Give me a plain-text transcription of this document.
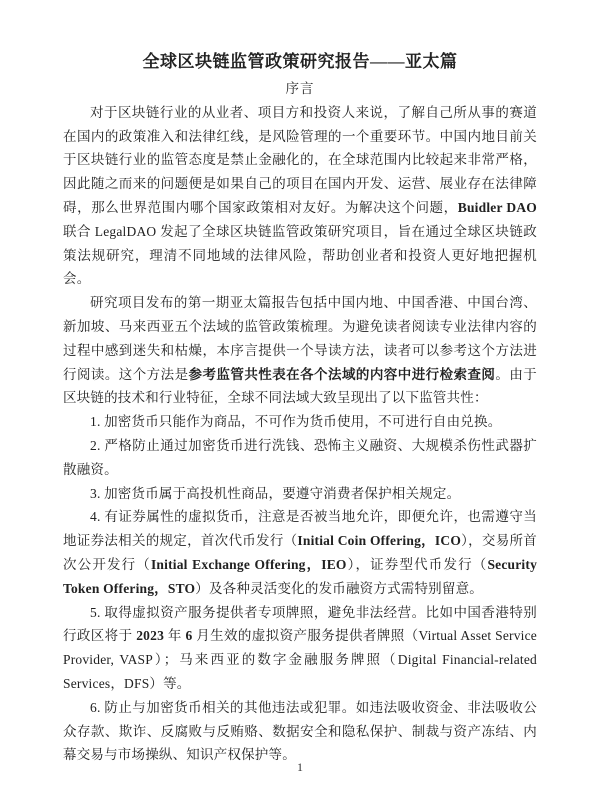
全球区块链监管政策研究报告——亚太篇
序言

对于区块链行业的从业者、项目方和投资人来说，了解自己所从事的赛道在国内的政策准入和法律红线，是风险管理的一个重要环节。中国内地目前关于区块链行业的监管态度是禁止金融化的，在全球范围内比较起来非常严格，因此随之而来的问题便是如果自己的项目在国内开发、运营、展业存在法律障碍，那么世界范围内哪个国家政策相对友好。为解决这个问题，Buidler DAO 联合 LegalDAO 发起了全球区块链监管政策研究项目，旨在通过全球区块链政策法规研究，理清不同地域的法律风险，帮助创业者和投资人更好地把握机会。

研究项目发布的第一期亚太篇报告包括中国内地、中国香港、中国台湾、新加坡、马来西亚五个法域的监管政策梳理。为避免读者阅读专业法律内容的过程中感到迷失和枯燥，本序言提供一个导读方法，读者可以参考这个方法进行阅读。这个方法是参考监管共性表在各个法域的内容中进行检索查阅。由于区块链的技术和行业特征，全球不同法域大致呈现出了以下监管共性：

1. 加密货币只能作为商品，不可作为货币使用，不可进行自由兑换。

2. 严格防止通过加密货币进行洗钱、恐怖主义融资、大规模杀伤性武器扩散融资。

3. 加密货币属于高投机性商品，要遵守消费者保护相关规定。

4. 有证券属性的虚拟货币，注意是否被当地允许，即便允许，也需遵守当地证券法相关的规定，首次代币发行（Initial Coin Offering，ICO），交易所首次公开发行（Initial Exchange Offering，IEO），证券型代币发行（Security Token Offering，STO）及各种灵活变化的发币融资方式需特别留意。

5. 取得虚拟资产服务提供者专项牌照，避免非法经营。比如中国香港特别行政区将于 2023 年 6 月生效的虚拟资产服务提供者牌照（Virtual Asset Service Provider, VASP）；马来西亚的数字金融服务牌照（Digital Financial-related Services，DFS）等。

6. 防止与加密货币相关的其他违法或犯罪。如违法吸收资金、非法吸收公众存款、欺诈、反腐败与反贿赂、数据安全和隐私保护、制裁与资产冻结、内幕交易与市场操纵、知识产权保护等。

1
